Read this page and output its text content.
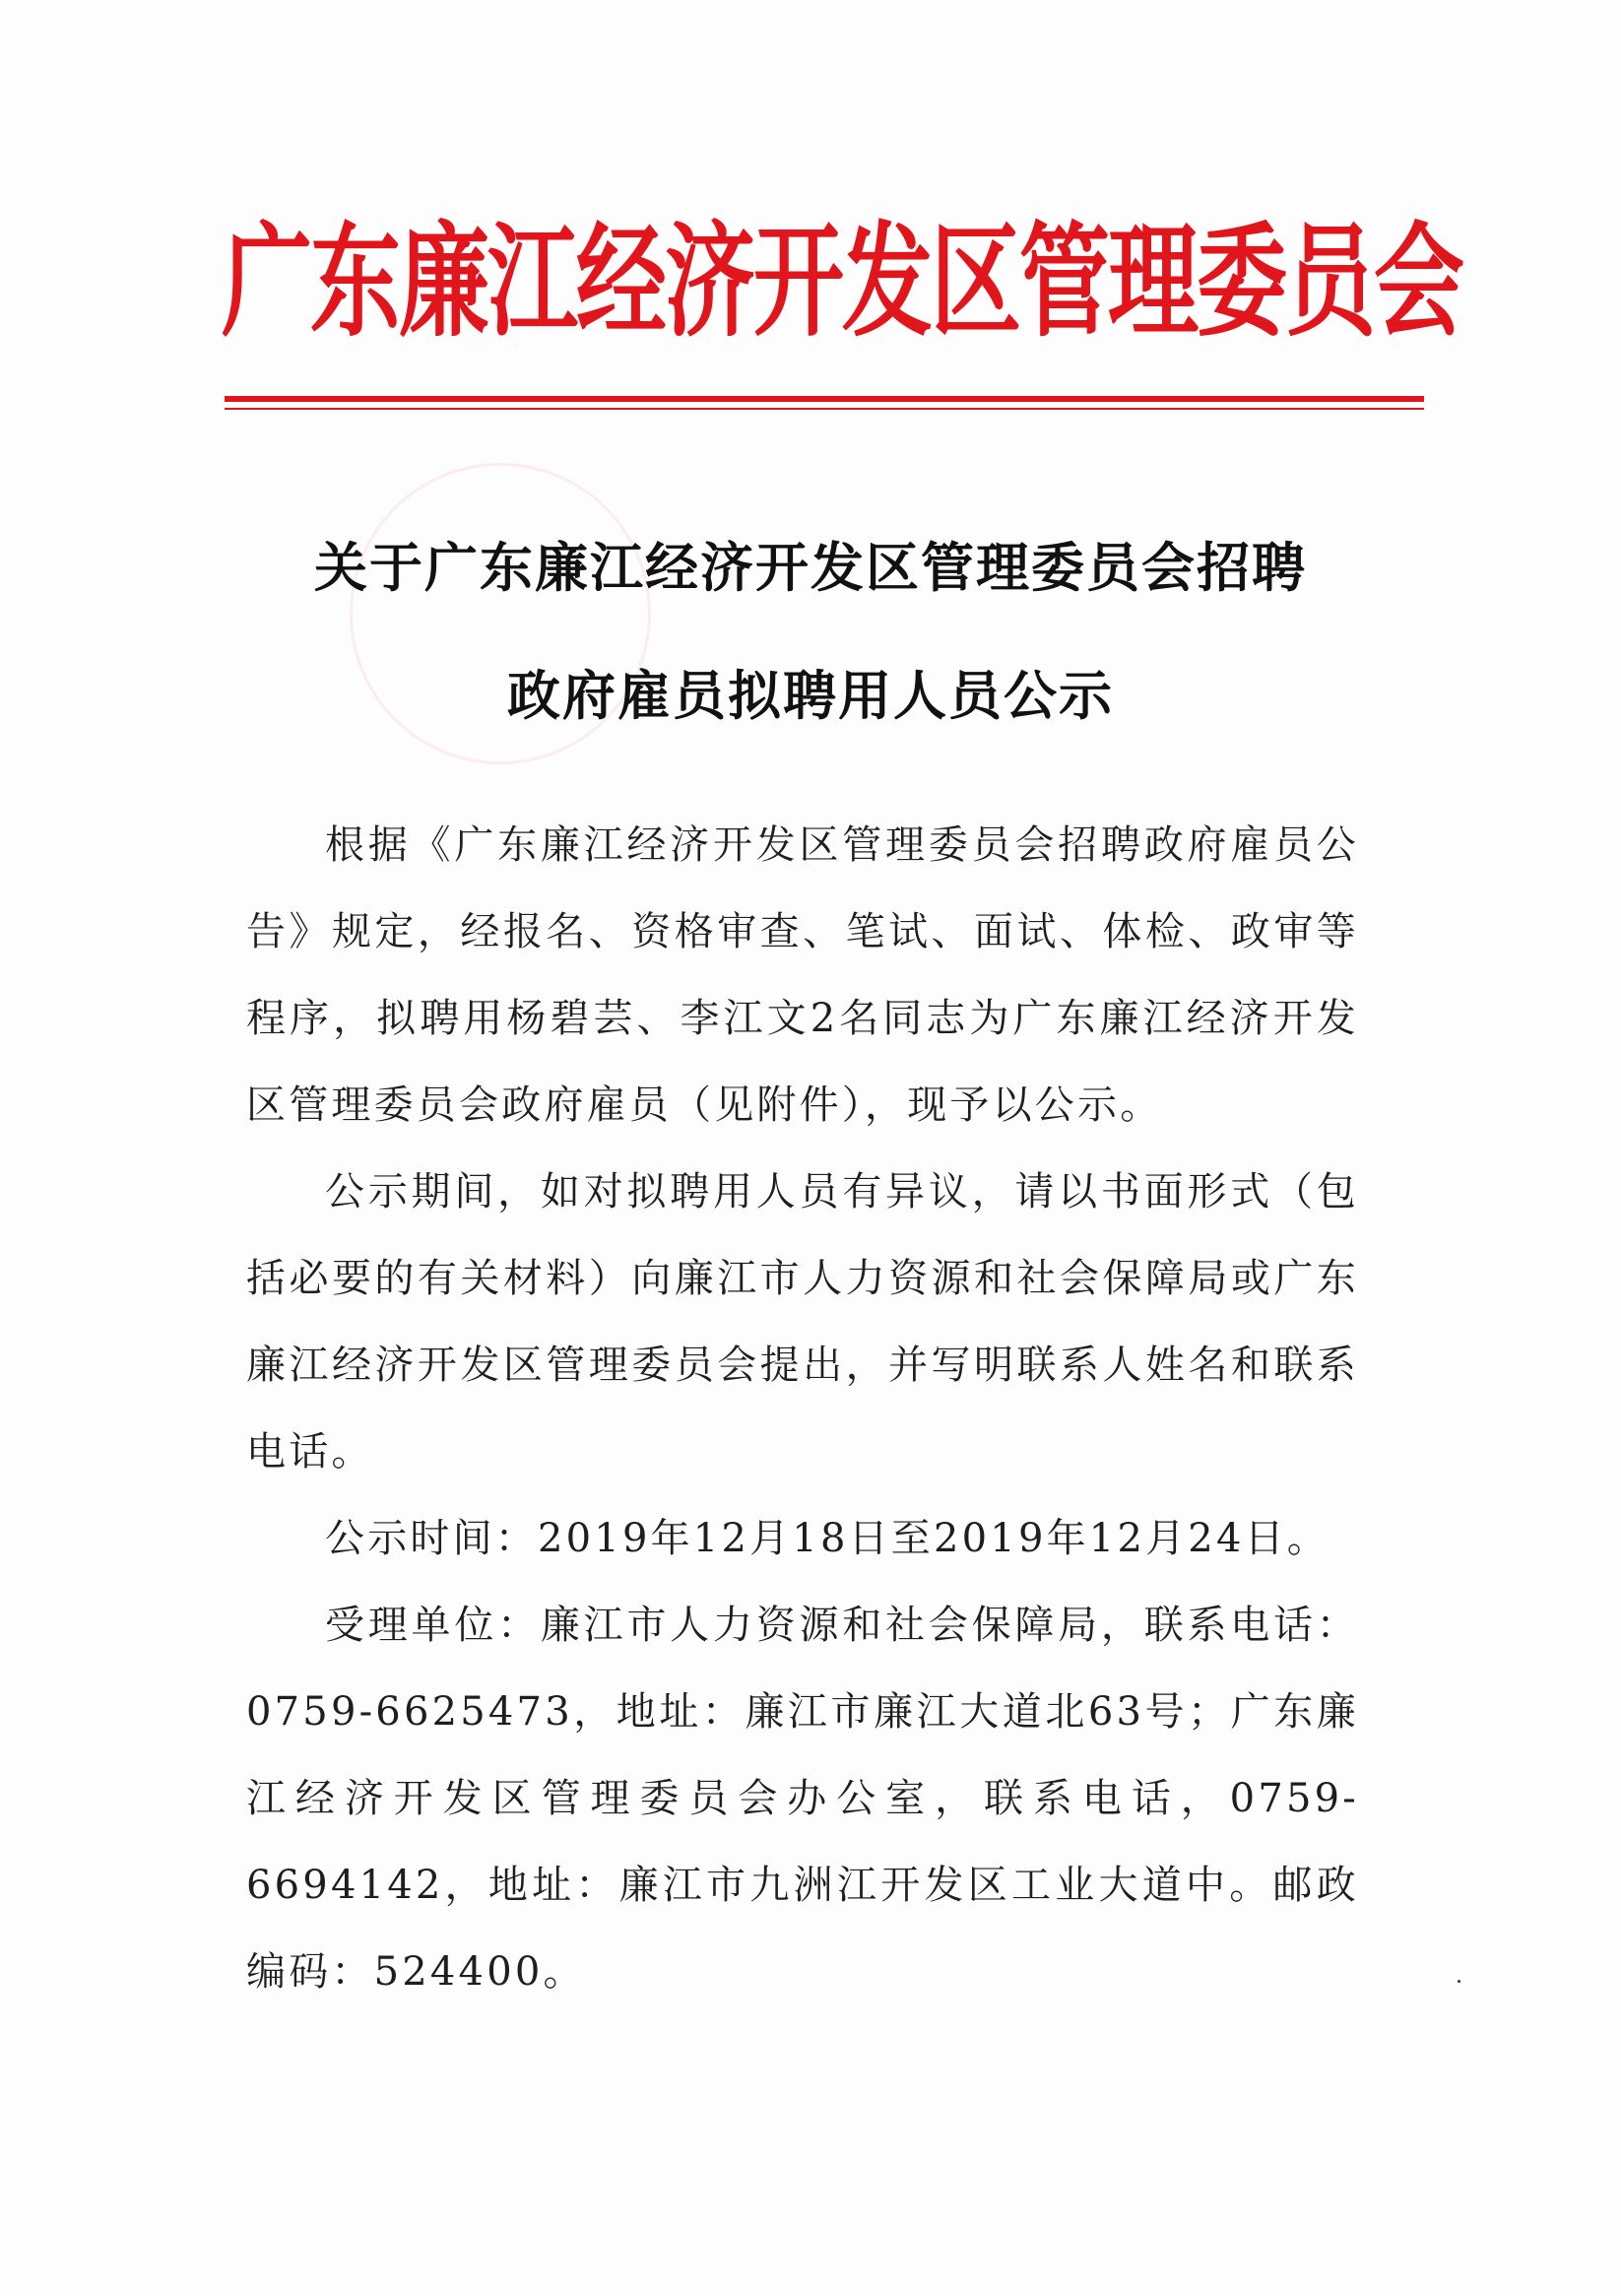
广东廉江经济开发区管理委员会
关于广东廉江经济开发区管理委员会招聘
政府雇员拟聘用人员公示

根据《广东廉江经济开发区管理委员会招聘政府雇员公告》规定，经报名、资格审查、笔试、面试、体检、政审等程序，拟聘用杨碧芸、李江文2名同志为广东廉江经济开发区管理委员会政府雇员（见附件），现予以公示。

公示期间，如对拟聘用人员有异议，请以书面形式（包括必要的有关材料）向廉江市人力资源和社会保障局或广东廉江经济开发区管理委员会提出，并写明联系人姓名和联系电话。

公示时间：2019年12月18日至2019年12月24日。

受理单位：廉江市人力资源和社会保障局，联系电话：0759-6625473，地址：廉江市廉江大道北63号；广东廉江经济开发区管理委员会办公室，联系电话，0759-6694142，地址：廉江市九洲江开发区工业大道中。邮政编码：524400。
